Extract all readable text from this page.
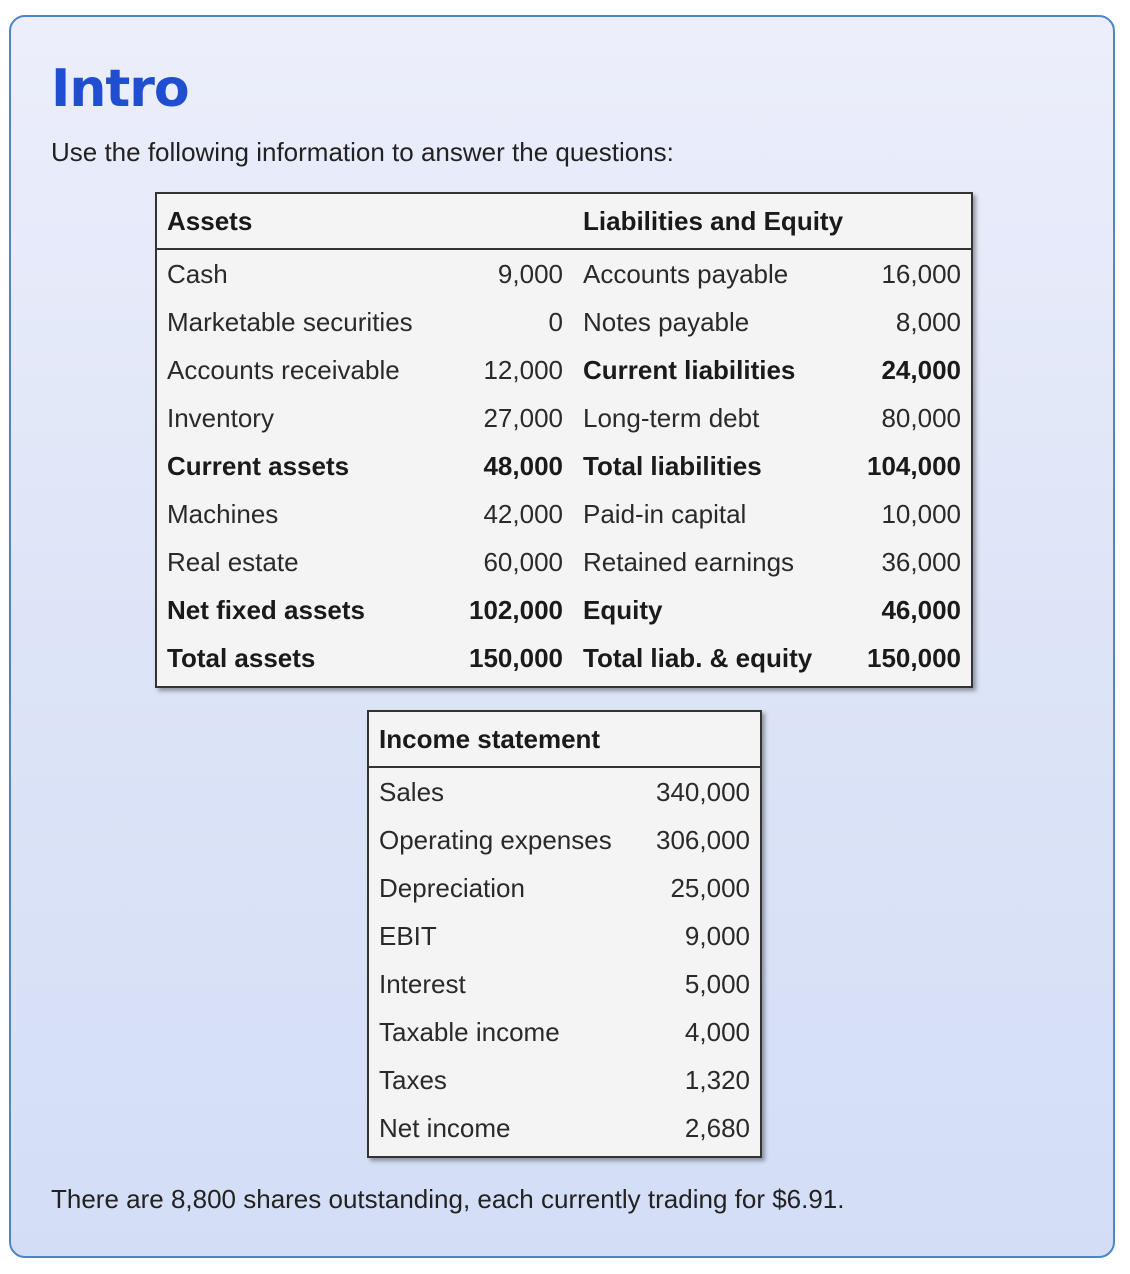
Intro
Use the following information to answer the questions:
Assets		Liabilities and Equity	
Cash	9,000	Accounts payable	16,000
Marketable securities	0	Notes payable	8,000
Accounts receivable	12,000	Current liabilities	24,000
Inventory	27,000	Long-term debt	80,000
Current assets	48,000	Total liabilities	104,000
Machines	42,000	Paid-in capital	10,000
Real estate	60,000	Retained earnings	36,000
Net fixed assets	102,000	Equity	46,000
Total assets	150,000	Total liab. & equity	150,000
Income statement	
Sales	340,000
Operating expenses	306,000
Depreciation	25,000
EBIT	9,000
Interest	5,000
Taxable income	4,000
Taxes	1,320
Net income	2,680
There are 8,800 shares outstanding, each currently trading for $6.91.
